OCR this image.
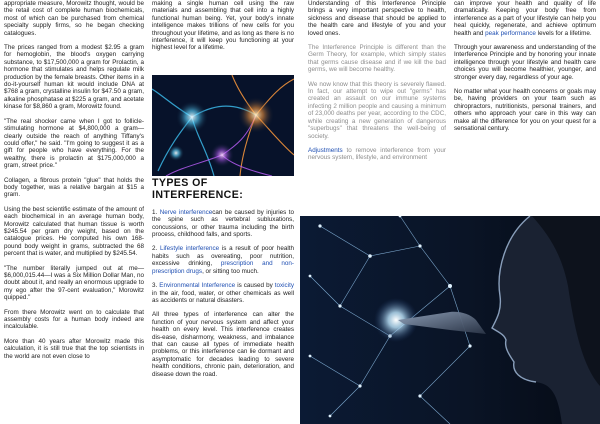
appropriate measure, Morowitz thought, would be the retail cost of complete human biochemicals, most of which can be purchased from chemical specialty supply firms, so he began checking catalogues.

The prices ranged from a modest $2.95 a gram for hemoglobin, the blood's oxygen carrying substance, to $17,500,000 a gram for Prolactin, a hormone that stimulates and helps regulate milk production by the female breasts. Other items in a do-it-yourself human kit would include DNA at $768 a gram, crystalline insulin for $47.50 a gram, alkaline phosphatase at $225 a gram, and acetate kinase for $8,860 a gram, Morowitz found.

"The real shocker came when I got to follicle-stimulating hormone at $4,800,000 a gram—clearly outside the reach of anything Tiffany's could offer," he said. "I'm going to suggest it as a gift for people who have everything. For the wealthy, there is prolactin at $175,000,000 a gram, street price."

Collagen, a fibrous protein "glue" that holds the body together, was a relative bargain at $15 a gram.

Using the best scientific estimate of the amount of each biochemical in an average human body, Morowitz calculated that human tissue is worth $245.54 per gram dry weight, based on the catalogue prices. He computed his own 168-pound body weight in grams, subtracted the 68 percent that is water, and multiplied by $245.54.

"The number literally jumped out at me—$6,000,015.44—I was a Six Million Dollar Man, no doubt about it, and really an enormous upgrade to my ego after the 97-cent evaluation," Morowitz quipped."

From there Morowitz went on to calculate that assembly costs for a human body indeed are incalculable.

More than 40 years after Morowitz made this calculation, it is still true that the top scientists in the world are not even close to

making a single human cell using the raw materials and assembling that cell into a highly functional human being. Yet, your body's innate intelligence makes trillions of new cells for you throughout your lifetime, and as long as there is no interference, it will keep you functioning at your highest level for a lifetime.

TYPES OF INTERFERENCE:

1. Nerve interferencecan be caused by injuries to the spine such as vertebral subluxations, concussions, or other trauma including the birth process, childhood falls, and sports.

2. Lifestyle interference is a result of poor health habits such as overeating, poor nutrition, excessive drinking, prescription and non-prescription drugs, or sitting too much.

3. Environmental Interference is caused by toxicity in the air, food, water, or other chemicals as well as accidents or natural disasters.

All three types of interference can alter the function of your nervous system and affect your health on every level. This interference creates dis-ease, disharmony, weakness, and imbalance that can cause all types of immediate health problems, or this interference can lie dormant and asymptomatic for decades leading to severe health conditions, chronic pain, deterioration, and disease down the road.

Understanding of this Interference Principle brings a very important perspective to health, sickness and disease that should be applied to the health care and lifestyle of you and your loved ones.

The Interference Principle is different than the Germ Theory, for example, which simply states that germs cause disease and if we kill the bad germs, we will become healthy.

We now know that this theory is severely flawed. In fact, our attempt to wipe out "germs" has created an assault on our immune systems infecting 2 million people and causing a minimum of 23,000 deaths per year, according to the CDC, while creating a new generation of dangerous "superbugs" that threatens the well-being of society.

Adjustments to remove interference from your nervous system, lifestyle, and environment

can improve your health and quality of life dramatically. Keeping your body free from interference as a part of your lifestyle can help you heal quickly, regenerate, and achieve optimum health and peak performance levels for a lifetime.

Through your awareness and understanding of the Interference Principle and by honoring your innate intelligence through your lifestyle and health care choices you will become healthier, younger, and stronger every day, regardless of your age.

No matter what your health concerns or goals may be, having providers on your team such as chiropractors, nutritionists, personal trainers, and others who approach your care in this way can make all the difference for you on your quest for a sensational century.
